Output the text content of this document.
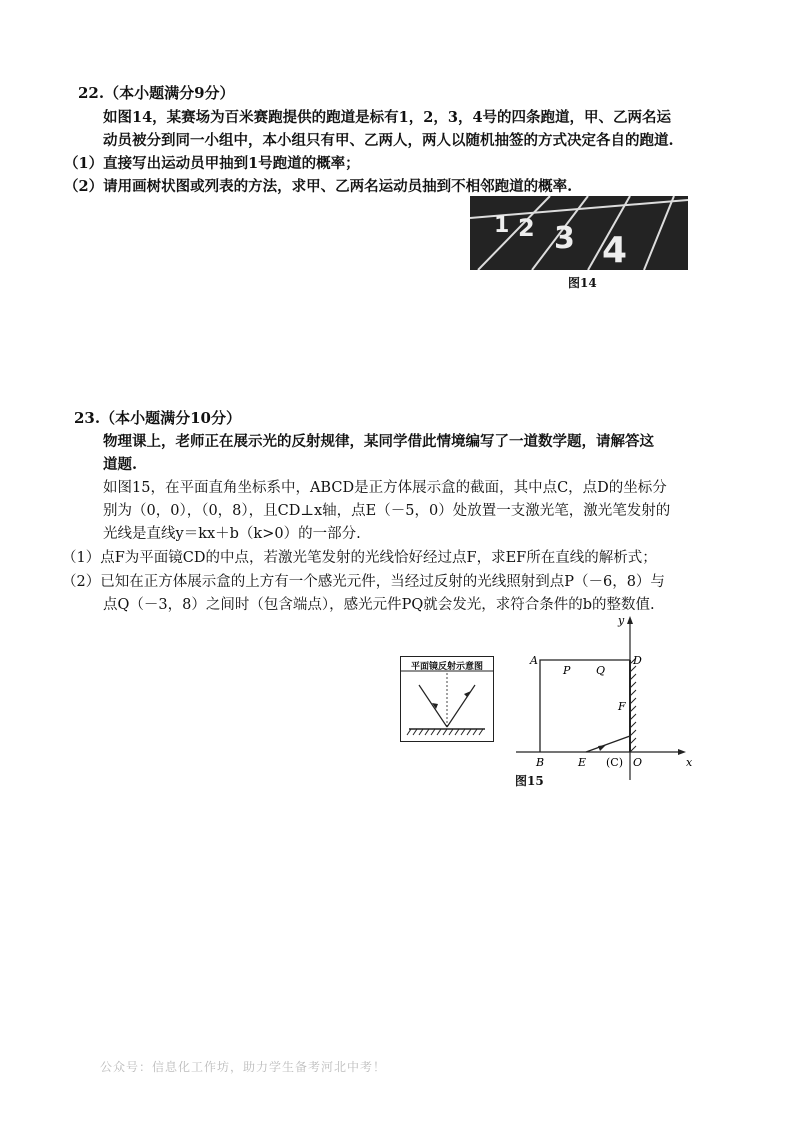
22.（本小题满分9分）
如图14，某赛场为百米赛跑提供的跑道是标有1，2，3，4号的四条跑道，甲、乙两名运
动员被分到同一小组中，本小组只有甲、乙两人，两人以随机抽签的方式决定各自的跑道.
（1）直接写出运动员甲抽到1号跑道的概率；
（2）请用画树状图或列表的方法，求甲、乙两名运动员抽到不相邻跑道的概率.
1 2 3 4
图14
23.（本小题满分10分）
物理课上，老师正在展示光的反射规律，某同学借此情境编写了一道数学题，请解答这
道题.
如图15，在平面直角坐标系中，ABCD是正方体展示盒的截面，其中点C，点D的坐标分
别为（0，0），（0，8），且CD⊥x轴，点E（－5，0）处放置一支激光笔，激光笔发射的
光线是直线y＝kx＋b（k>0）的一部分.
（1）点F为平面镜CD的中点，若激光笔发射的光线恰好经过点F，求EF所在直线的解析式；
（2）已知在正方体展示盒的上方有一个感光元件，当经过反射的光线照射到点P（－6，8）与
点Q（－3，8）之间时（包含端点），感光元件PQ就会发光，求符合条件的b的整数值.
平面镜反射示意图	A
P Q
D
F
B	E (C) O	x
y
图15
公众号：信息化工作坊，助力学生备考河北中考！
